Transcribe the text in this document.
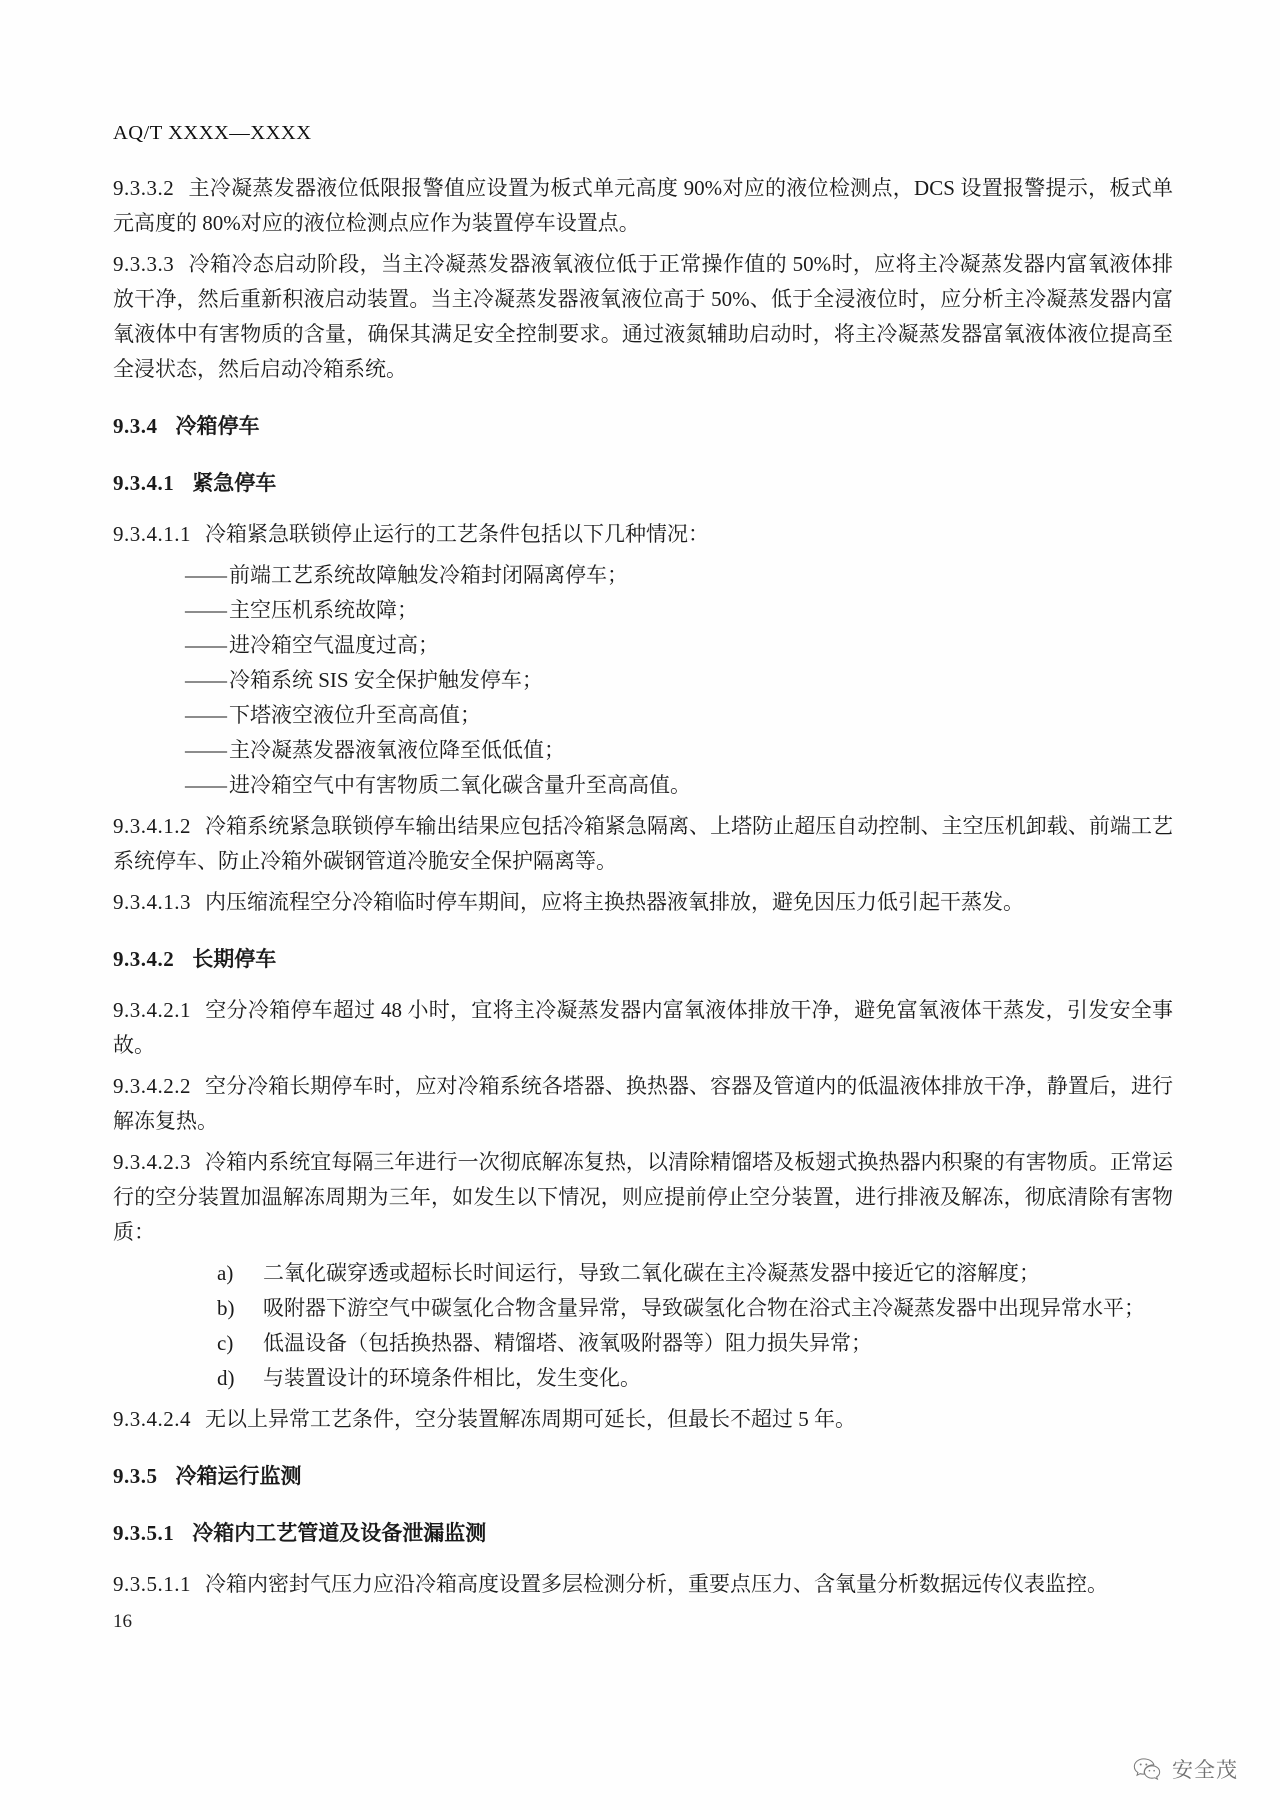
AQ/T XXXX—XXXX

9.3.3.2 主冷凝蒸发器液位低限报警值应设置为板式单元高度 90%对应的液位检测点，DCS 设置报警提示，板式单元高度的 80%对应的液位检测点应作为装置停车设置点。

9.3.3.3 冷箱冷态启动阶段，当主冷凝蒸发器液氧液位低于正常操作值的 50%时，应将主冷凝蒸发器内富氧液体排放干净，然后重新积液启动装置。当主冷凝蒸发器液氧液位高于 50%、低于全浸液位时，应分析主冷凝蒸发器内富氧液体中有害物质的含量，确保其满足安全控制要求。通过液氮辅助启动时，将主冷凝蒸发器富氧液体液位提高至全浸状态，然后启动冷箱系统。

9.3.4 冷箱停车

9.3.4.1 紧急停车

9.3.4.1.1 冷箱紧急联锁停止运行的工艺条件包括以下几种情况：

—— 前端工艺系统故障触发冷箱封闭隔离停车；
—— 主空压机系统故障；
—— 进冷箱空气温度过高；
—— 冷箱系统 SIS 安全保护触发停车；
—— 下塔液空液位升至高高值；
—— 主冷凝蒸发器液氧液位降至低低值；
—— 进冷箱空气中有害物质二氧化碳含量升至高高值。

9.3.4.1.2 冷箱系统紧急联锁停车输出结果应包括冷箱紧急隔离、上塔防止超压自动控制、主空压机卸载、前端工艺系统停车、防止冷箱外碳钢管道冷脆安全保护隔离等。

9.3.4.1.3 内压缩流程空分冷箱临时停车期间，应将主换热器液氧排放，避免因压力低引起干蒸发。

9.3.4.2 长期停车

9.3.4.2.1 空分冷箱停车超过 48 小时，宜将主冷凝蒸发器内富氧液体排放干净，避免富氧液体干蒸发，引发安全事故。

9.3.4.2.2 空分冷箱长期停车时，应对冷箱系统各塔器、换热器、容器及管道内的低温液体排放干净，静置后，进行解冻复热。

9.3.4.2.3 冷箱内系统宜每隔三年进行一次彻底解冻复热，以清除精馏塔及板翅式换热器内积聚的有害物质。正常运行的空分装置加温解冻周期为三年，如发生以下情况，则应提前停止空分装置，进行排液及解冻，彻底清除有害物质：

a) 二氧化碳穿透或超标长时间运行，导致二氧化碳在主冷凝蒸发器中接近它的溶解度；
b) 吸附器下游空气中碳氢化合物含量异常，导致碳氢化合物在浴式主冷凝蒸发器中出现异常水平；
c) 低温设备（包括换热器、精馏塔、液氧吸附器等）阻力损失异常；
d) 与装置设计的环境条件相比，发生变化。

9.3.4.2.4 无以上异常工艺条件，空分装置解冻周期可延长，但最长不超过 5 年。

9.3.5 冷箱运行监测

9.3.5.1 冷箱内工艺管道及设备泄漏监测

9.3.5.1.1 冷箱内密封气压力应沿冷箱高度设置多层检测分析，重要点压力、含氧量分析数据远传仪表监控。

16
安全茂
